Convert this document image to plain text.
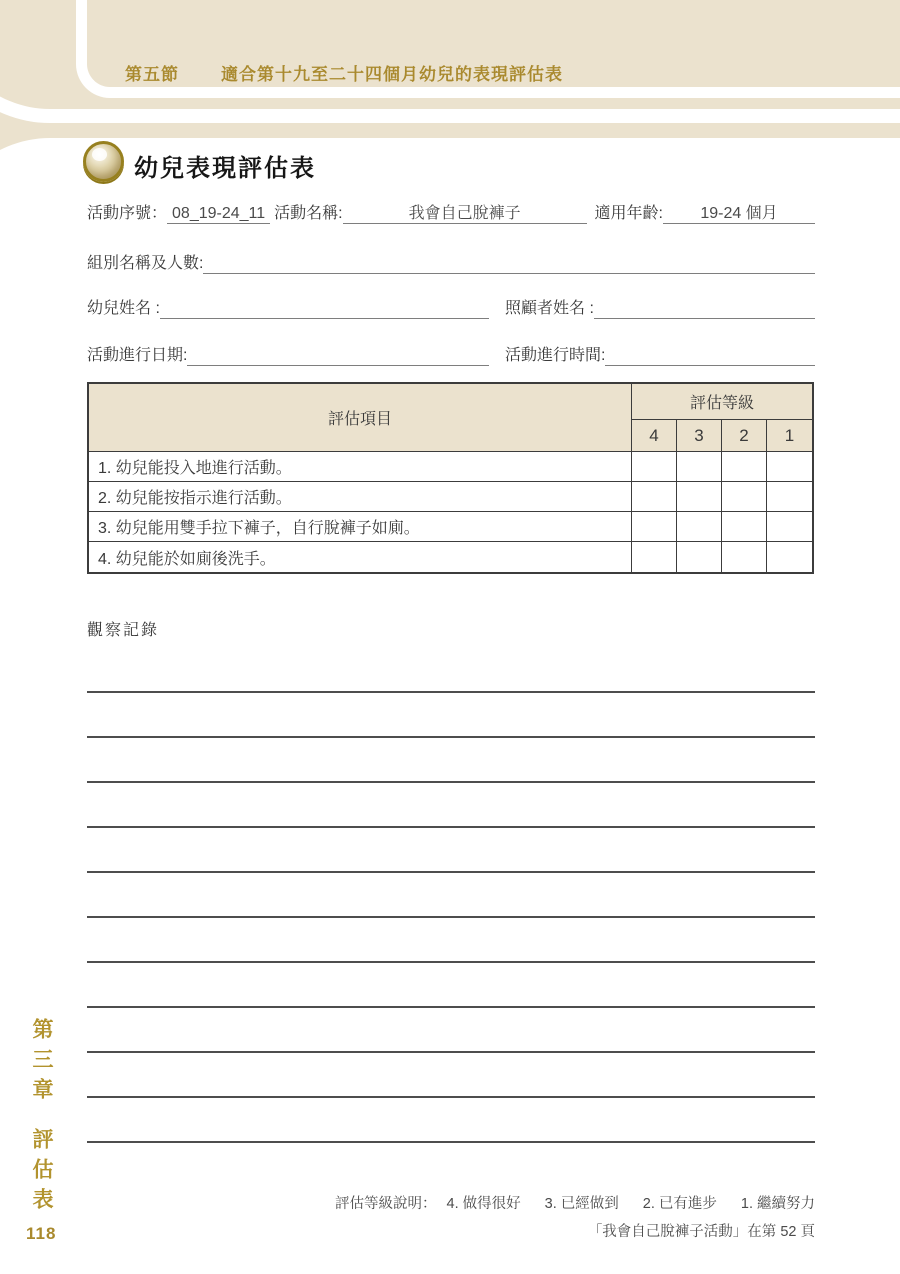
第五節 適合第十九至二十四個月幼兒的表現評估表
幼兒表現評估表
活動序號： 08_19-24_11 活動名稱:	我會自己脫褲子	適用年齡:	19-24 個月
組別名稱及人數:
幼兒姓名 :	照顧者姓名 :
活動進行日期:	活動進行時間:
評估項目
評估等級
4	3	2	1
1. 幼兒能投入地進行活動。
2. 幼兒能按指示進行活動。
3. 幼兒能用雙手拉下褲子，自行脫褲子如廁。
4. 幼兒能於如廁後洗手。
觀察記錄
評估等級說明： 4. 做得很好 3. 已經做到 2. 已有進步 1. 繼續努力
「我會自己脫褲子活動」在第 52 頁
第三章評估表
118
